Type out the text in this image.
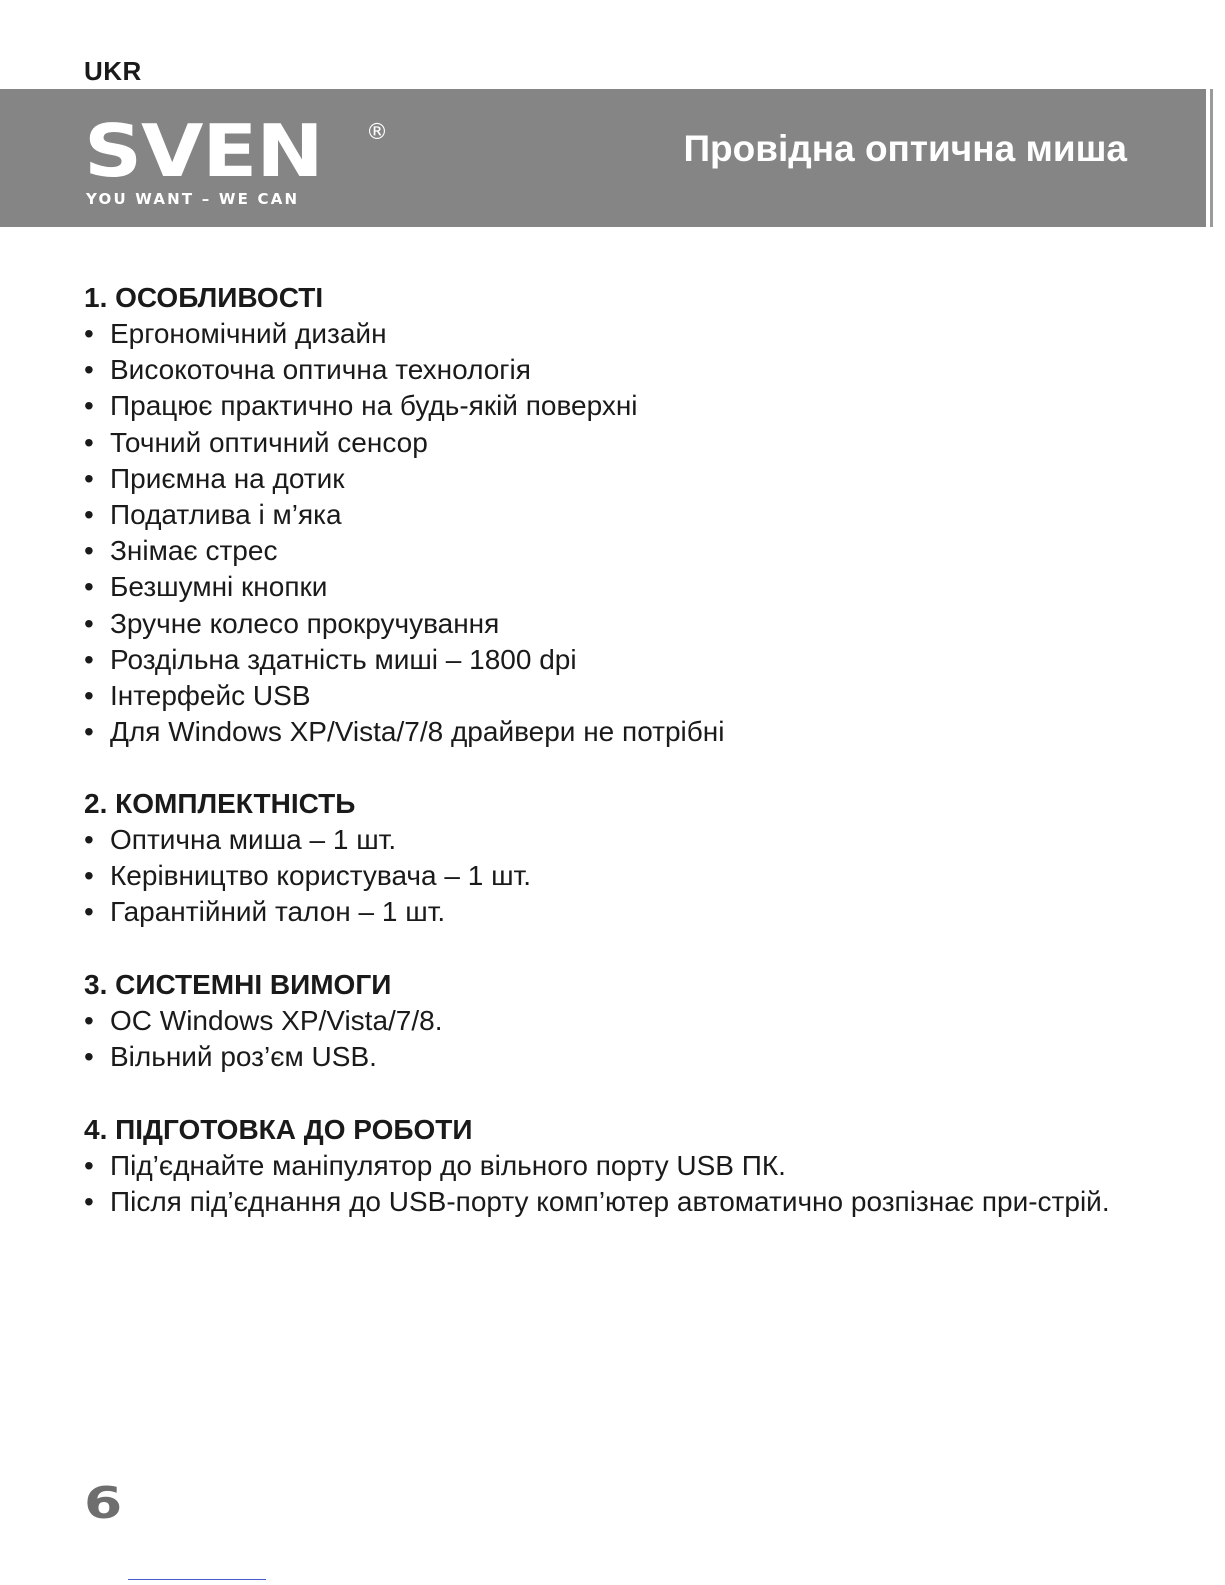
UKR
SVEN ®
YOU WANT – WE CAN
Провідна оптична миша
1. ОСОБЛИВОСТІ
• Ергономічний дизайн
• Високоточна оптична технологія
• Працює практично на будь-якій поверхні
• Точний оптичний сенсор
• Приємна на дотик
• Податлива і м’яка
• Знімає стрес
• Безшумні кнопки
• Зручне колесо прокручування
• Роздільна здатність миші – 1800 dpi
• Інтерфейс USB
• Для Windows XP/Vista/7/8 драйвери не потрібні
2. КОМПЛЕКТНІСТЬ
• Оптична миша – 1 шт.
• Керівництво користувача – 1 шт.
• Гарантійний талон – 1 шт.
3. СИСТЕМНІ ВИМОГИ
• ОС Windows XP/Vista/7/8.
• Вільний роз’єм USB.
4. ПІДГОТОВКА ДО РОБОТИ
• Під’єднайте маніпулятор до вільного порту USB ПК.
• Після під’єднання до USB-порту комп’ютер автоматично розпізнає при-стрій.
6
